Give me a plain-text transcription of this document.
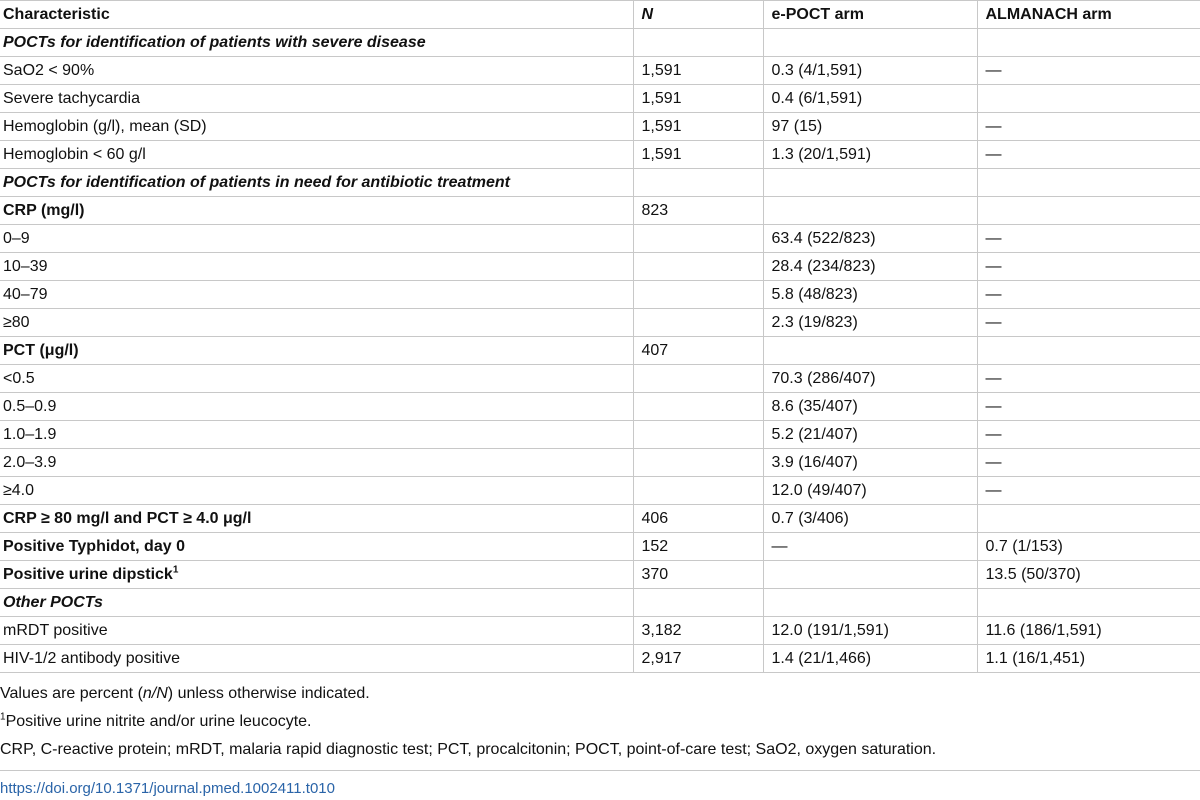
Characteristic	N	e-POCT arm	ALMANACH arm
POCTs for identification of patients with severe disease			
SaO2 < 90%	1,591	0.3 (4/1,591)	—
Severe tachycardia	1,591	0.4 (6/1,591)	
Hemoglobin (g/l), mean (SD)	1,591	97 (15)	—
Hemoglobin < 60 g/l	1,591	1.3 (20/1,591)	—
POCTs for identification of patients in need for antibiotic treatment			
CRP (mg/l)	823		
0–9		63.4 (522/823)	—
10–39		28.4 (234/823)	—
40–79		5.8 (48/823)	—
≥80		2.3 (19/823)	—
PCT (μg/l)	407		
<0.5		70.3 (286/407)	—
0.5–0.9		8.6 (35/407)	—
1.0–1.9		5.2 (21/407)	—
2.0–3.9		3.9 (16/407)	—
≥4.0		12.0 (49/407)	—
CRP ≥ 80 mg/l and PCT ≥ 4.0 μg/l	406	0.7 (3/406)	
Positive Typhidot, day 0	152	—	0.7 (1/153)
Positive urine dipstick$^1$	370		13.5 (50/370)
Other POCTs			
mRDT positive	3,182	12.0 (191/1,591)	11.6 (186/1,591)
HIV-1/2 antibody positive	2,917	1.4 (21/1,466)	1.1 (16/1,451)
Values are percent (n/N) unless otherwise indicated.
$^1$Positive urine nitrite and/or urine leucocyte.
CRP, C-reactive protein; mRDT, malaria rapid diagnostic test; PCT, procalcitonin; POCT, point-of-care test; SaO2, oxygen saturation.
https://doi.org/10.1371/journal.pmed.1002411.t010
